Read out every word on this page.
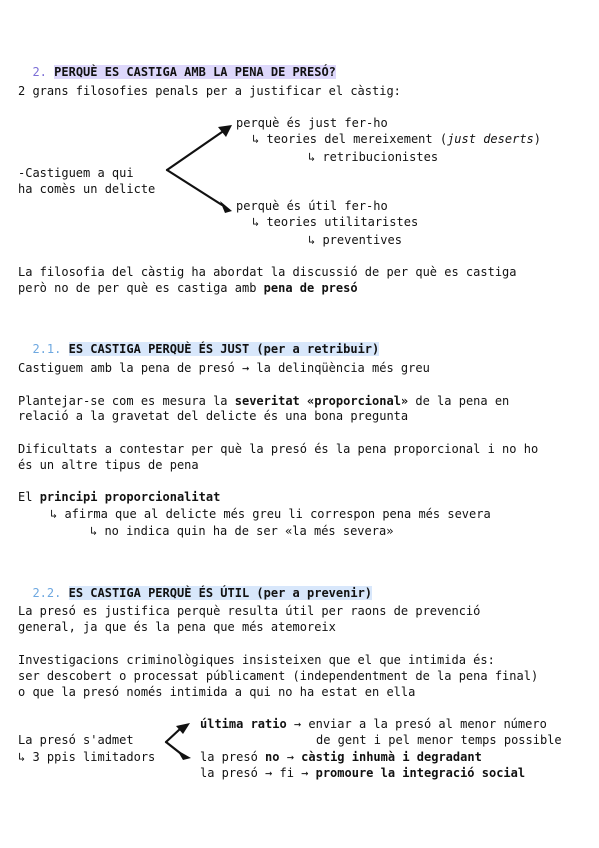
2. PERQUÈ ES CASTIGA AMB LA PENA DE PRESÓ?

2 grans filosofies penals per a justificar el càstig:
perquè és just fer-ho
↳ teories del mereixement (just deserts)
↳ retribucionistes
-Castiguem a qui
ha comès un delicte
perquè és útil fer-ho
↳ teories utilitaristes
↳ preventives
La filosofia del càstig ha abordat la discussió de per què es castiga
però no de per què es castiga amb pena de presó

2.1. ES CASTIGA PERQUÈ ÉS JUST (per a retribuir)

Castiguem amb la pena de presó → la delinqüència més greu
Plantejar-se com es mesura la severitat «proporcional» de la pena en
relació a la gravetat del delicte és una bona pregunta
Dificultats a contestar per què la presó és la pena proporcional i no ho
és un altre tipus de pena
El principi proporcionalitat
↳ afirma que al delicte més greu li correspon pena més severa
↳ no indica quin ha de ser «la més severa»

2.2. ES CASTIGA PERQUÈ ÉS ÚTIL (per a prevenir)

La presó es justifica perquè resulta útil per raons de prevenció
general, ja que és la pena que més atemoreix
Investigacions criminològiques insisteixen que el que intimida és:
ser descobert o processat públicament (independentment de la pena final)
o que la presó només intimida a qui no ha estat en ella
última ratio → enviar a la presó al menor número
de gent i pel menor temps possible
La presó s'admet
↳ 3 ppis limitadors	la presó no → càstig inhumà i degradant
la presó → fi → promoure la integració social
